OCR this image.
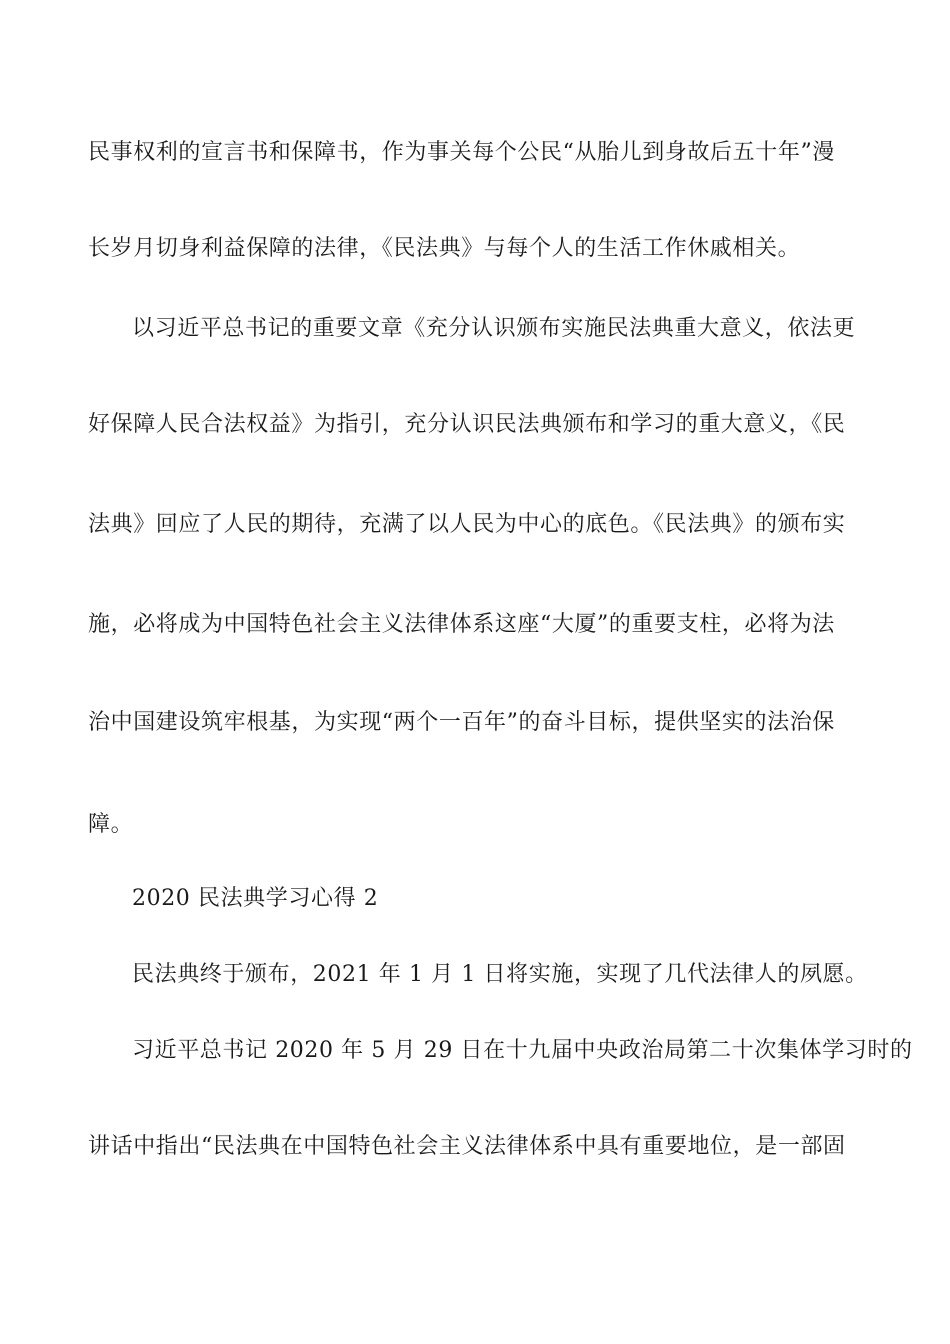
民事权利的宣言书和保障书，作为事关每个公民“从胎儿到身故后五十年”漫
长岁月切身利益保障的法律，《民法典》与每个人的生活工作休戚相关。
以习近平总书记的重要文章《充分认识颁布实施民法典重大意义，依法更
好保障人民合法权益》为指引，充分认识民法典颁布和学习的重大意义，《民
法典》回应了人民的期待，充满了以人民为中心的底色。《民法典》的颁布实
施，必将成为中国特色社会主义法律体系这座“大厦”的重要支柱，必将为法
治中国建设筑牢根基，为实现“两个一百年”的奋斗目标，提供坚实的法治保
障。
2020 民法典学习心得 2
民法典终于颁布，2021 年 1 月 1 日将实施，实现了几代法律人的夙愿。
习近平总书记 2020 年 5 月 29 日在十九届中央政治局第二十次集体学习时的
讲话中指出“民法典在中国特色社会主义法律体系中具有重要地位，是一部固
